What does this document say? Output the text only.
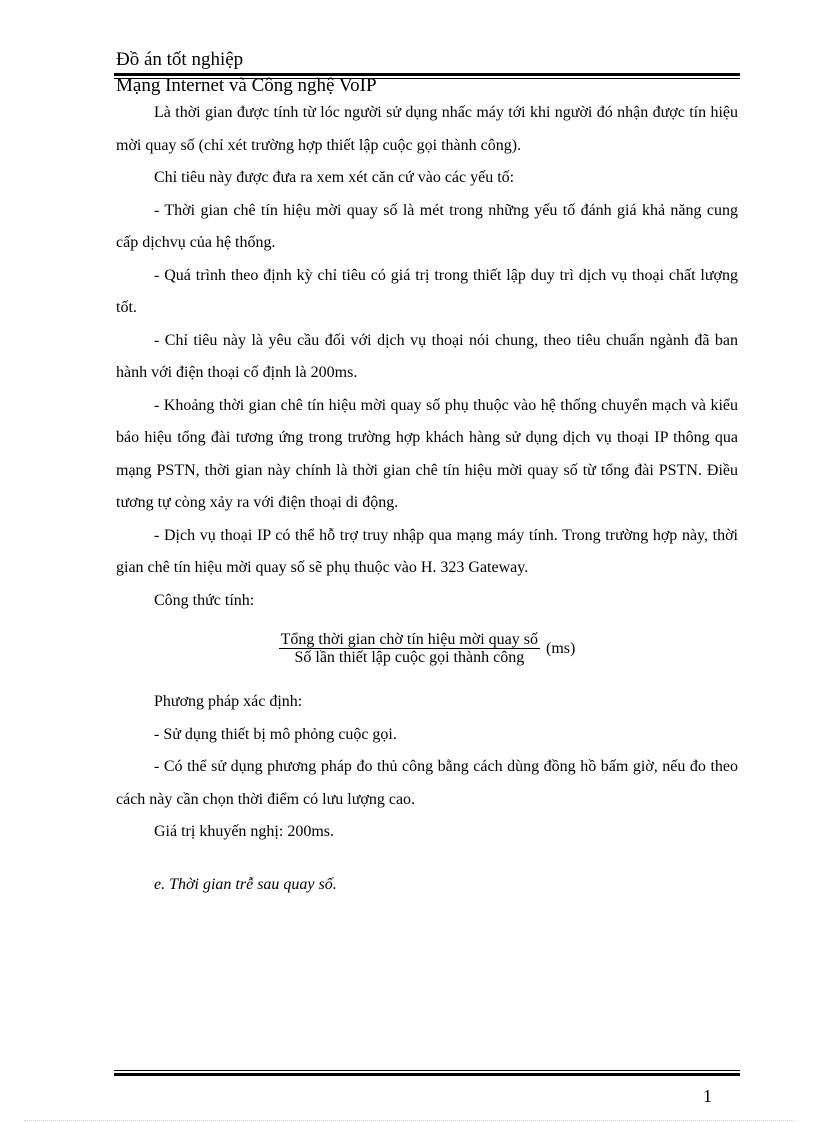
Đồ án tốt nghiệp
Mạng Internet và Công nghệ VoIP

Là thời gian được tính từ lóc người sử dụng nhấc máy tới khi người đó nhận được tín hiệu mời quay số (chỉ xét trường hợp thiết lập cuộc gọi thành công).

Chỉ tiêu này được đưa ra xem xét căn cứ vào các yếu tố:

- Thời gian chê tín hiệu mời quay số là mét trong những yếu tố đánh giá khả năng cung cấp dịchvụ của hệ thống.

- Quá trình theo định kỳ chỉ tiêu có giá trị trong thiết lập duy trì dịch vụ thoại chất lượng tốt.

- Chỉ tiêu này là yêu cầu đối với dịch vụ thoại nói chung, theo tiêu chuẩn ngành đã ban hành với điện thoại cố định là 200ms.

- Khoảng thời gian chê tín hiệu mời quay số phụ thuộc vào hệ thống chuyển mạch và kiểu báo hiệu tổng đài tương ứng trong trường hợp khách hàng sử dụng dịch vụ thoại IP thông qua mạng PSTN, thời gian này chính là thời gian chê tín hiệu mời quay số từ tổng đài PSTN. Điều tương tự còng xảy ra với điện thoại di động.

- Dịch vụ thoại IP có thể hỗ trợ truy nhập qua mạng máy tính. Trong trường hợp này, thời gian chê tín hiệu mời quay số sẽ phụ thuộc vào H. 323 Gateway.

Công thức tính:

$\frac{\text{Tổng thời gian chờ tín hiệu mời quay số}}{\text{Số lần thiết lập cuộc gọi thành công}} (ms)$

Phương pháp xác định:

- Sử dụng thiết bị mô phỏng cuộc gọi.

- Có thể sử dụng phương pháp đo thủ công bằng cách dùng đồng hồ bấm giờ, nếu đo theo cách này cần chọn thời điểm có lưu lượng cao.

Giá trị khuyến nghị: 200ms.

e. Thời gian trễ sau quay số.

1
